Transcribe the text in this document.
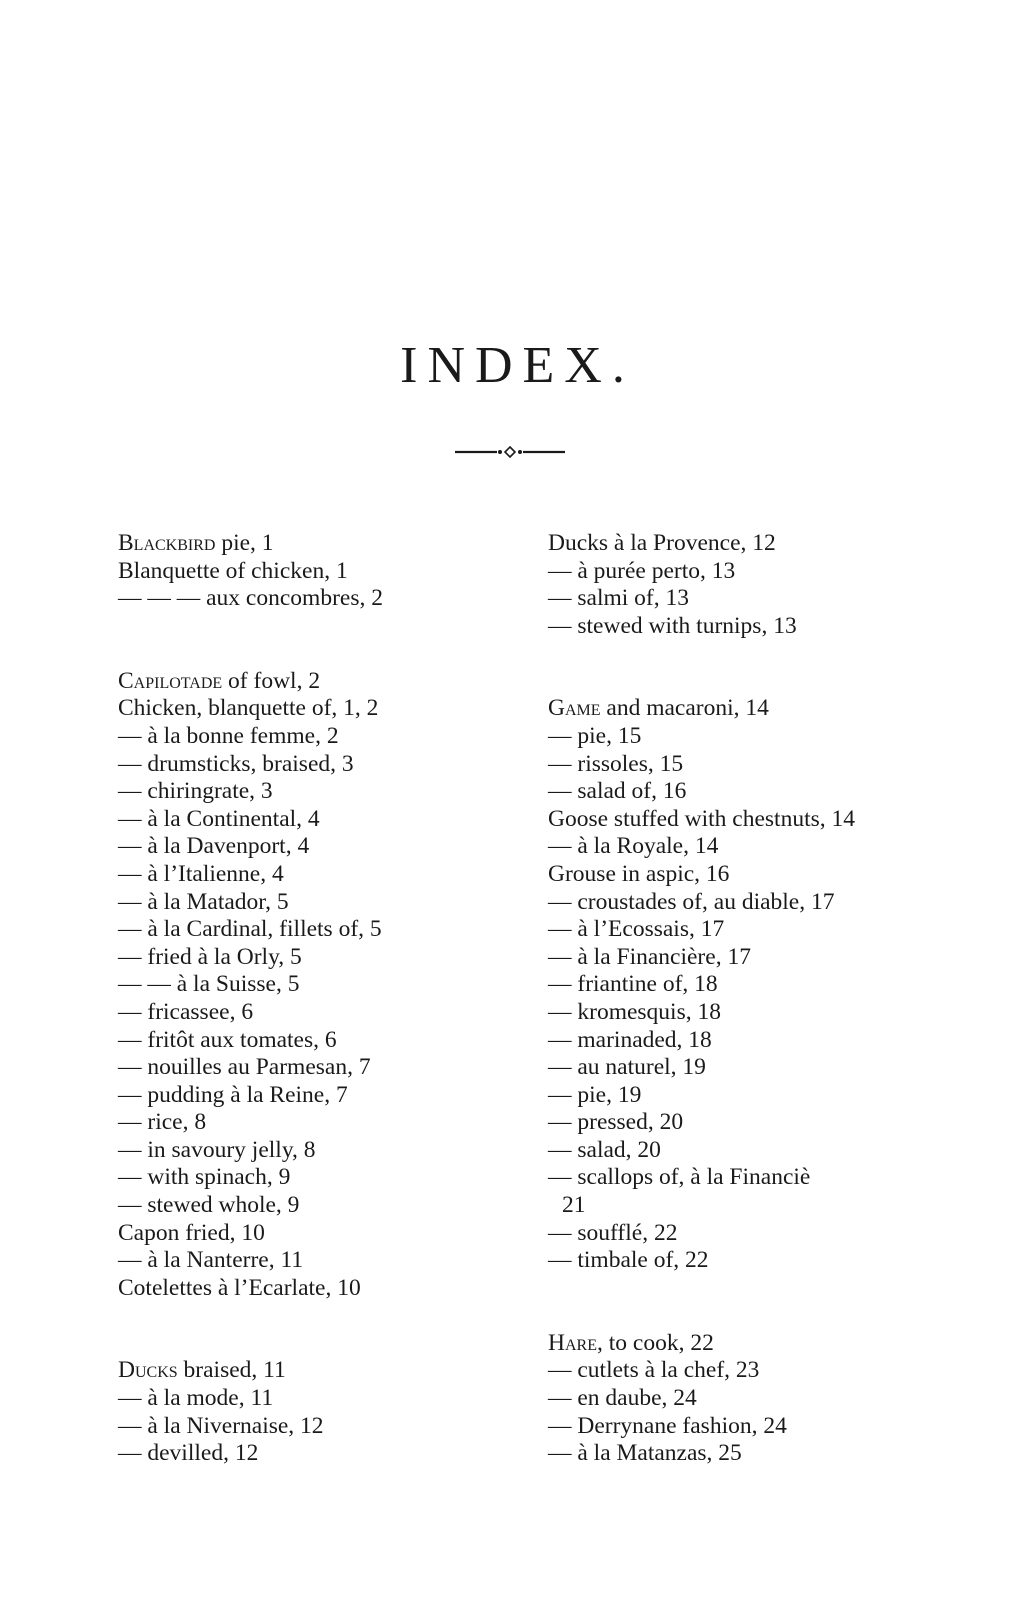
INDEX.
Blackbird pie, 1
Blanquette of chicken, 1
— — — aux concombres, 2
Capilotade of fowl, 2
Chicken, blanquette of, 1, 2
— à la bonne femme, 2
— drumsticks, braised, 3
— chiringrate, 3
— à la Continental, 4
— à la Davenport, 4
— à l’Italienne, 4
— à la Matador, 5
— à la Cardinal, fillets of, 5
— fried à la Orly, 5
— — à la Suisse, 5
— fricassee, 6
— fritôt aux tomates, 6
— nouilles au Parmesan, 7
— pudding à la Reine, 7
— rice, 8
— in savoury jelly, 8
— with spinach, 9
— stewed whole, 9
Capon fried, 10
— à la Nanterre, 11
Cotelettes à l’Ecarlate, 10
Ducks braised, 11
— à la mode, 11
— à la Nivernaise, 12
— devilled, 12
Ducks à la Provence, 12
— à purée perto, 13
— salmi of, 13
— stewed with turnips, 13
Game and macaroni, 14
— pie, 15
— rissoles, 15
— salad of, 16
Goose stuffed with chestnuts, 14
— à la Royale, 14
Grouse in aspic, 16
— croustades of, au diable, 17
— à l’Ecossais, 17
— à la Financière, 17
— friantine of, 18
— kromesquis, 18
— marinaded, 18
— au naturel, 19
— pie, 19
— pressed, 20
— salad, 20
— scallops of, à la Financiè
21
— soufflé, 22
— timbale of, 22
Hare, to cook, 22
— cutlets à la chef, 23
— en daube, 24
— Derrynane fashion, 24
— à la Matanzas, 25
